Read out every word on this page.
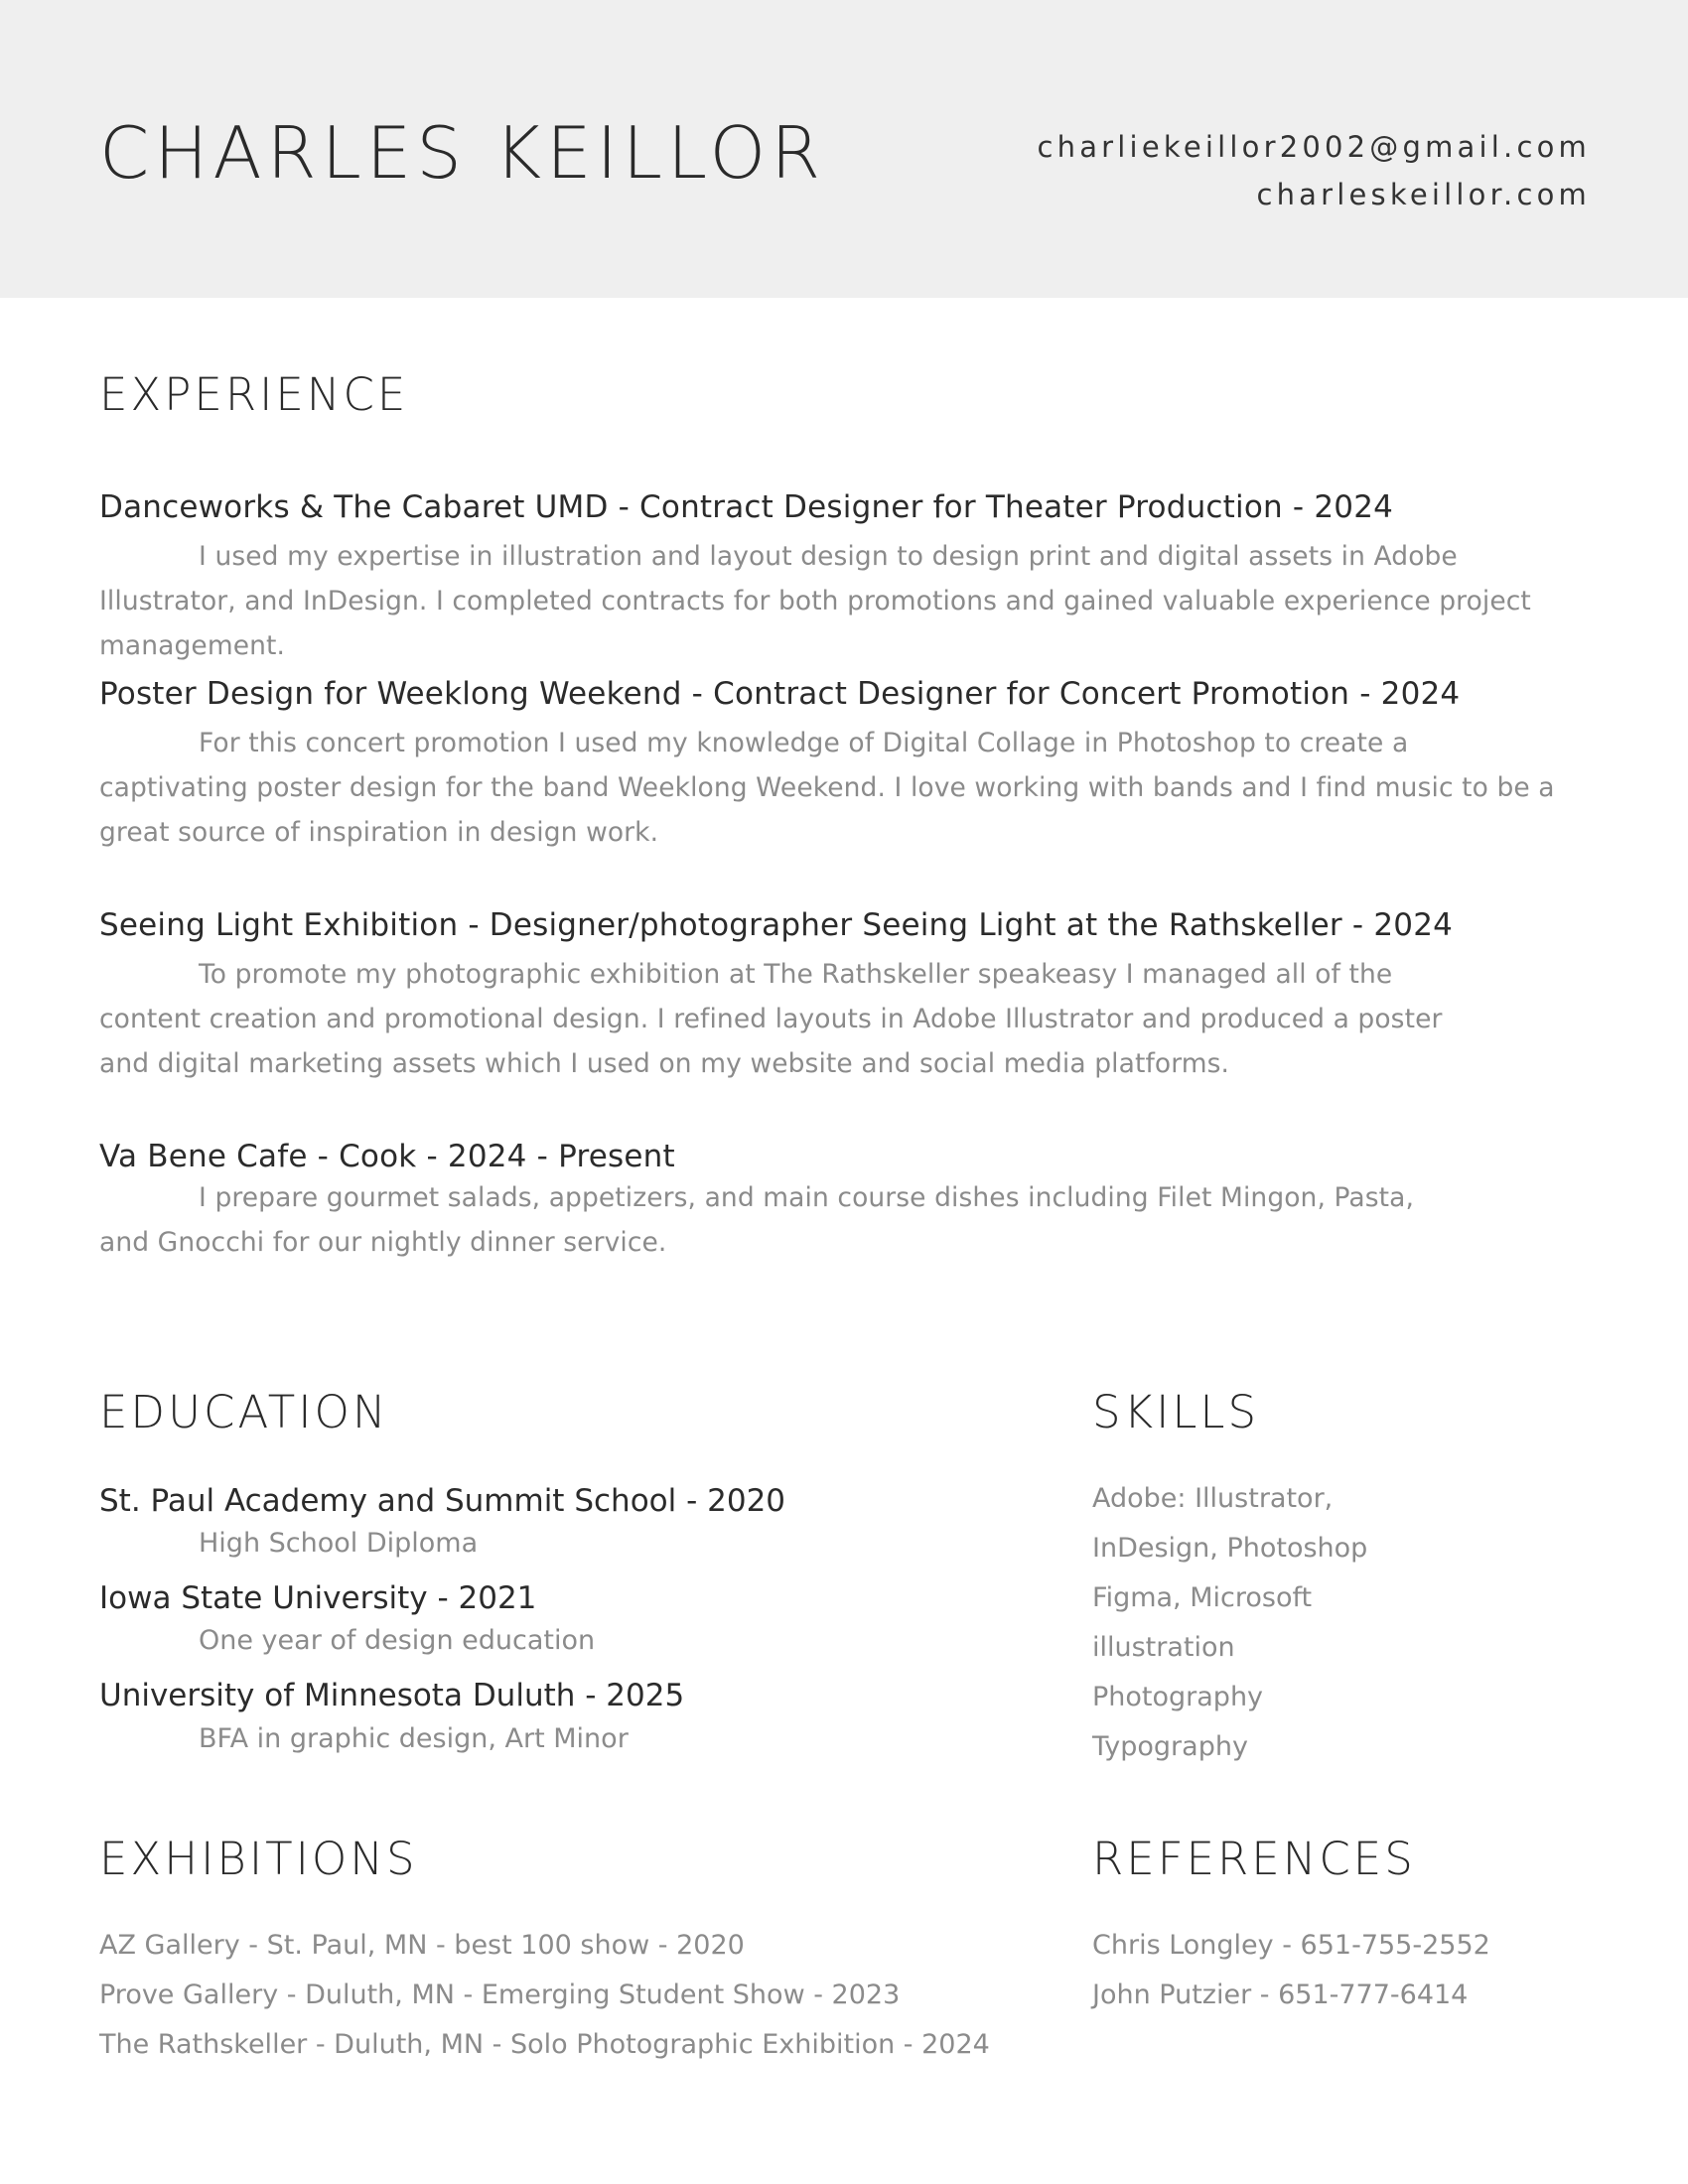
CHARLES KEILLOR	charliekeillor2002@gmail.com
charleskeillor.com
EXPERIENCE
Danceworks & The Cabaret UMD - Contract Designer for Theater Production - 2024
I used my expertise in illustration and layout design to design print and digital assets in Adobe Illustrator, and InDesign. I completed contracts for both promotions and gained valuable experience project management.
Poster Design for Weeklong Weekend - Contract Designer for Concert Promotion - 2024
For this concert promotion I used my knowledge of Digital Collage in Photoshop to create a captivating poster design for the band Weeklong Weekend. I love working with bands and I find music to be a great source of inspiration in design work.
Seeing Light Exhibition - Designer/photographer Seeing Light at the Rathskeller - 2024
To promote my photographic exhibition at The Rathskeller speakeasy I managed all of the content creation and promotional design. I refined layouts in Adobe Illustrator and produced a poster and digital marketing assets which I used on my website and social media platforms.
Va Bene Cafe - Cook - 2024 - Present
I prepare gourmet salads, appetizers, and main course dishes including Filet Mingon, Pasta, and Gnocchi for our nightly dinner service.
EDUCATION
St. Paul Academy and Summit School - 2020
High School Diploma
Iowa State University - 2021
One year of design education
University of Minnesota Duluth - 2025
BFA in graphic design, Art Minor
SKILLS
Adobe: Illustrator,
InDesign, Photoshop
Figma, Microsoft
illustration
Photography
Typography
EXHIBITIONS
AZ Gallery - St. Paul, MN - best 100 show - 2020
Prove Gallery - Duluth, MN - Emerging Student Show - 2023
The Rathskeller - Duluth, MN - Solo Photographic Exhibition - 2024
REFERENCES
Chris Longley - 651-755-2552
John Putzier - 651-777-6414
